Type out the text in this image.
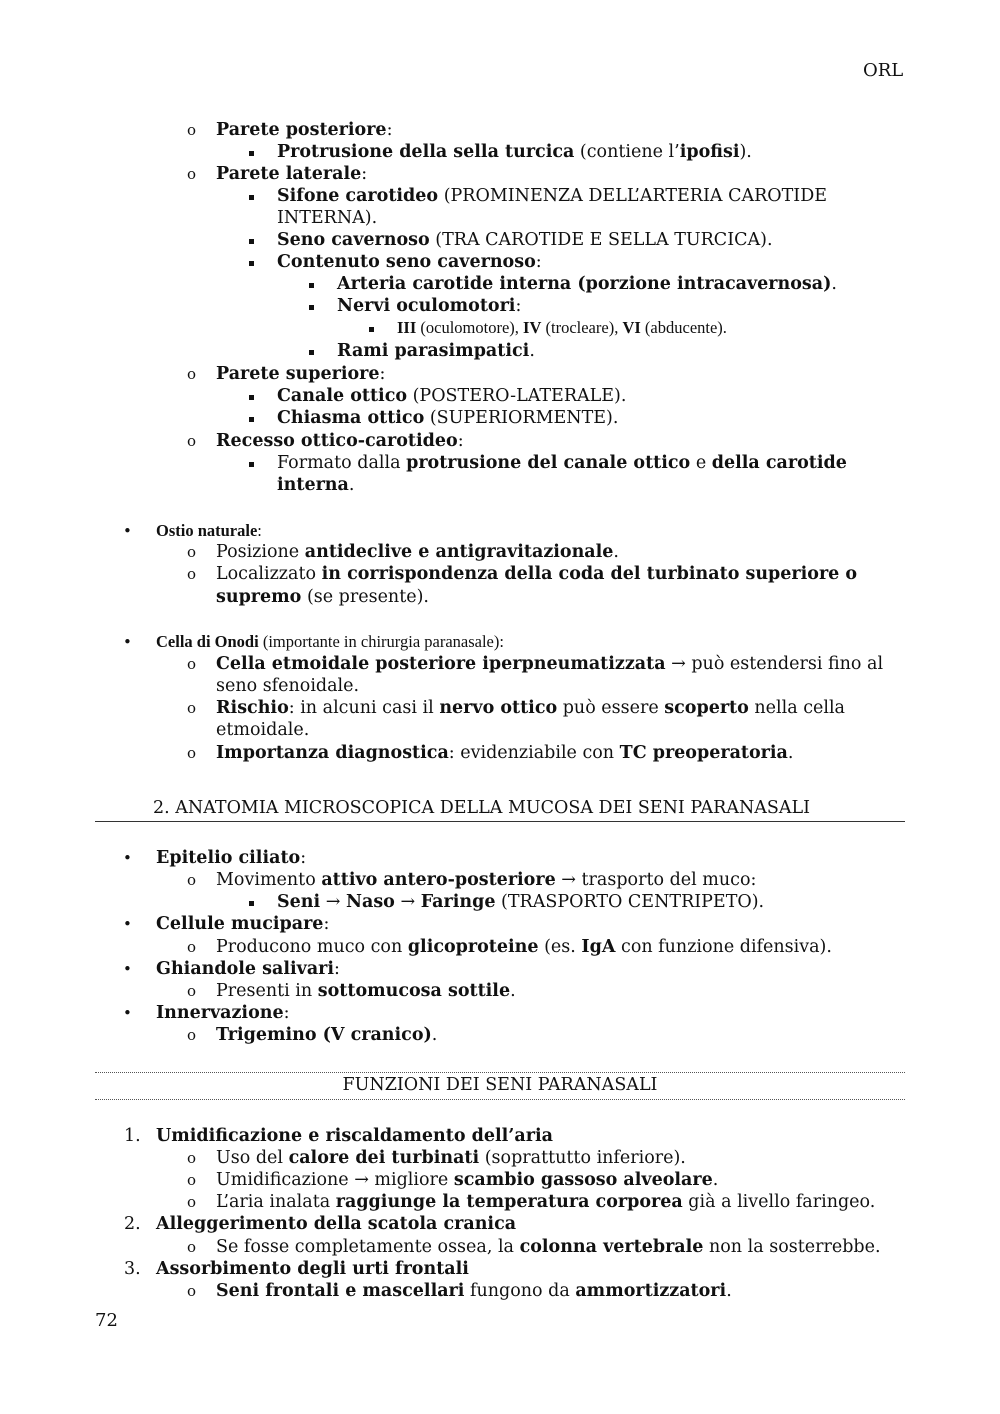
ORL
o Parete posteriore:
Protrusione della sella turcica (contiene l’ipofisi).
o Parete laterale:
Sifone carotideo (PROMINENZA DELL’ARTERIA CAROTIDE
INTERNA).
Seno cavernoso (TRA CAROTIDE E SELLA TURCICA).
Contenuto seno cavernoso:
Arteria carotide interna (porzione intracavernosa).
Nervi oculomotori:
III (oculomotore), IV (trocleare), VI (abducente).
Rami parasimpatici.
o Parete superiore:
Canale ottico (POSTERO-LATERALE).
Chiasma ottico (SUPERIORMENTE).
o Recesso ottico-carotideo:
Formato dalla protrusione del canale ottico e della carotide
interna.
• Ostio naturale:
o Posizione antideclive e antigravitazionale.
o Localizzato in corrispondenza della coda del turbinato superiore o
supremo (se presente).
• Cella di Onodi (importante in chirurgia paranasale):
o Cella etmoidale posteriore iperpneumatizzata → può estendersi fino al
seno sfenoidale.
o Rischio: in alcuni casi il nervo ottico può essere scoperto nella cella
etmoidale.
o Importanza diagnostica: evidenziabile con TC preoperatoria.
2. ANATOMIA MICROSCOPICA DELLA MUCOSA DEI SENI PARANASALI
• Epitelio ciliato:
o Movimento attivo antero-posteriore → trasporto del muco:
Seni → Naso → Faringe (TRASPORTO CENTRIPETO).
• Cellule mucipare:
o Producono muco con glicoproteine (es. IgA con funzione difensiva).
• Ghiandole salivari:
o Presenti in sottomucosa sottile.
• Innervazione:
o Trigemino (V cranico).
FUNZIONI DEI SENI PARANASALI
1. Umidificazione e riscaldamento dell’aria
o Uso del calore dei turbinati (soprattutto inferiore).
o Umidificazione → migliore scambio gassoso alveolare.
o L’aria inalata raggiunge la temperatura corporea già a livello faringeo.
2. Alleggerimento della scatola cranica
o Se fosse completamente ossea, la colonna vertebrale non la sosterrebbe.
3. Assorbimento degli urti frontali
o Seni frontali e mascellari fungono da ammortizzatori.
72
